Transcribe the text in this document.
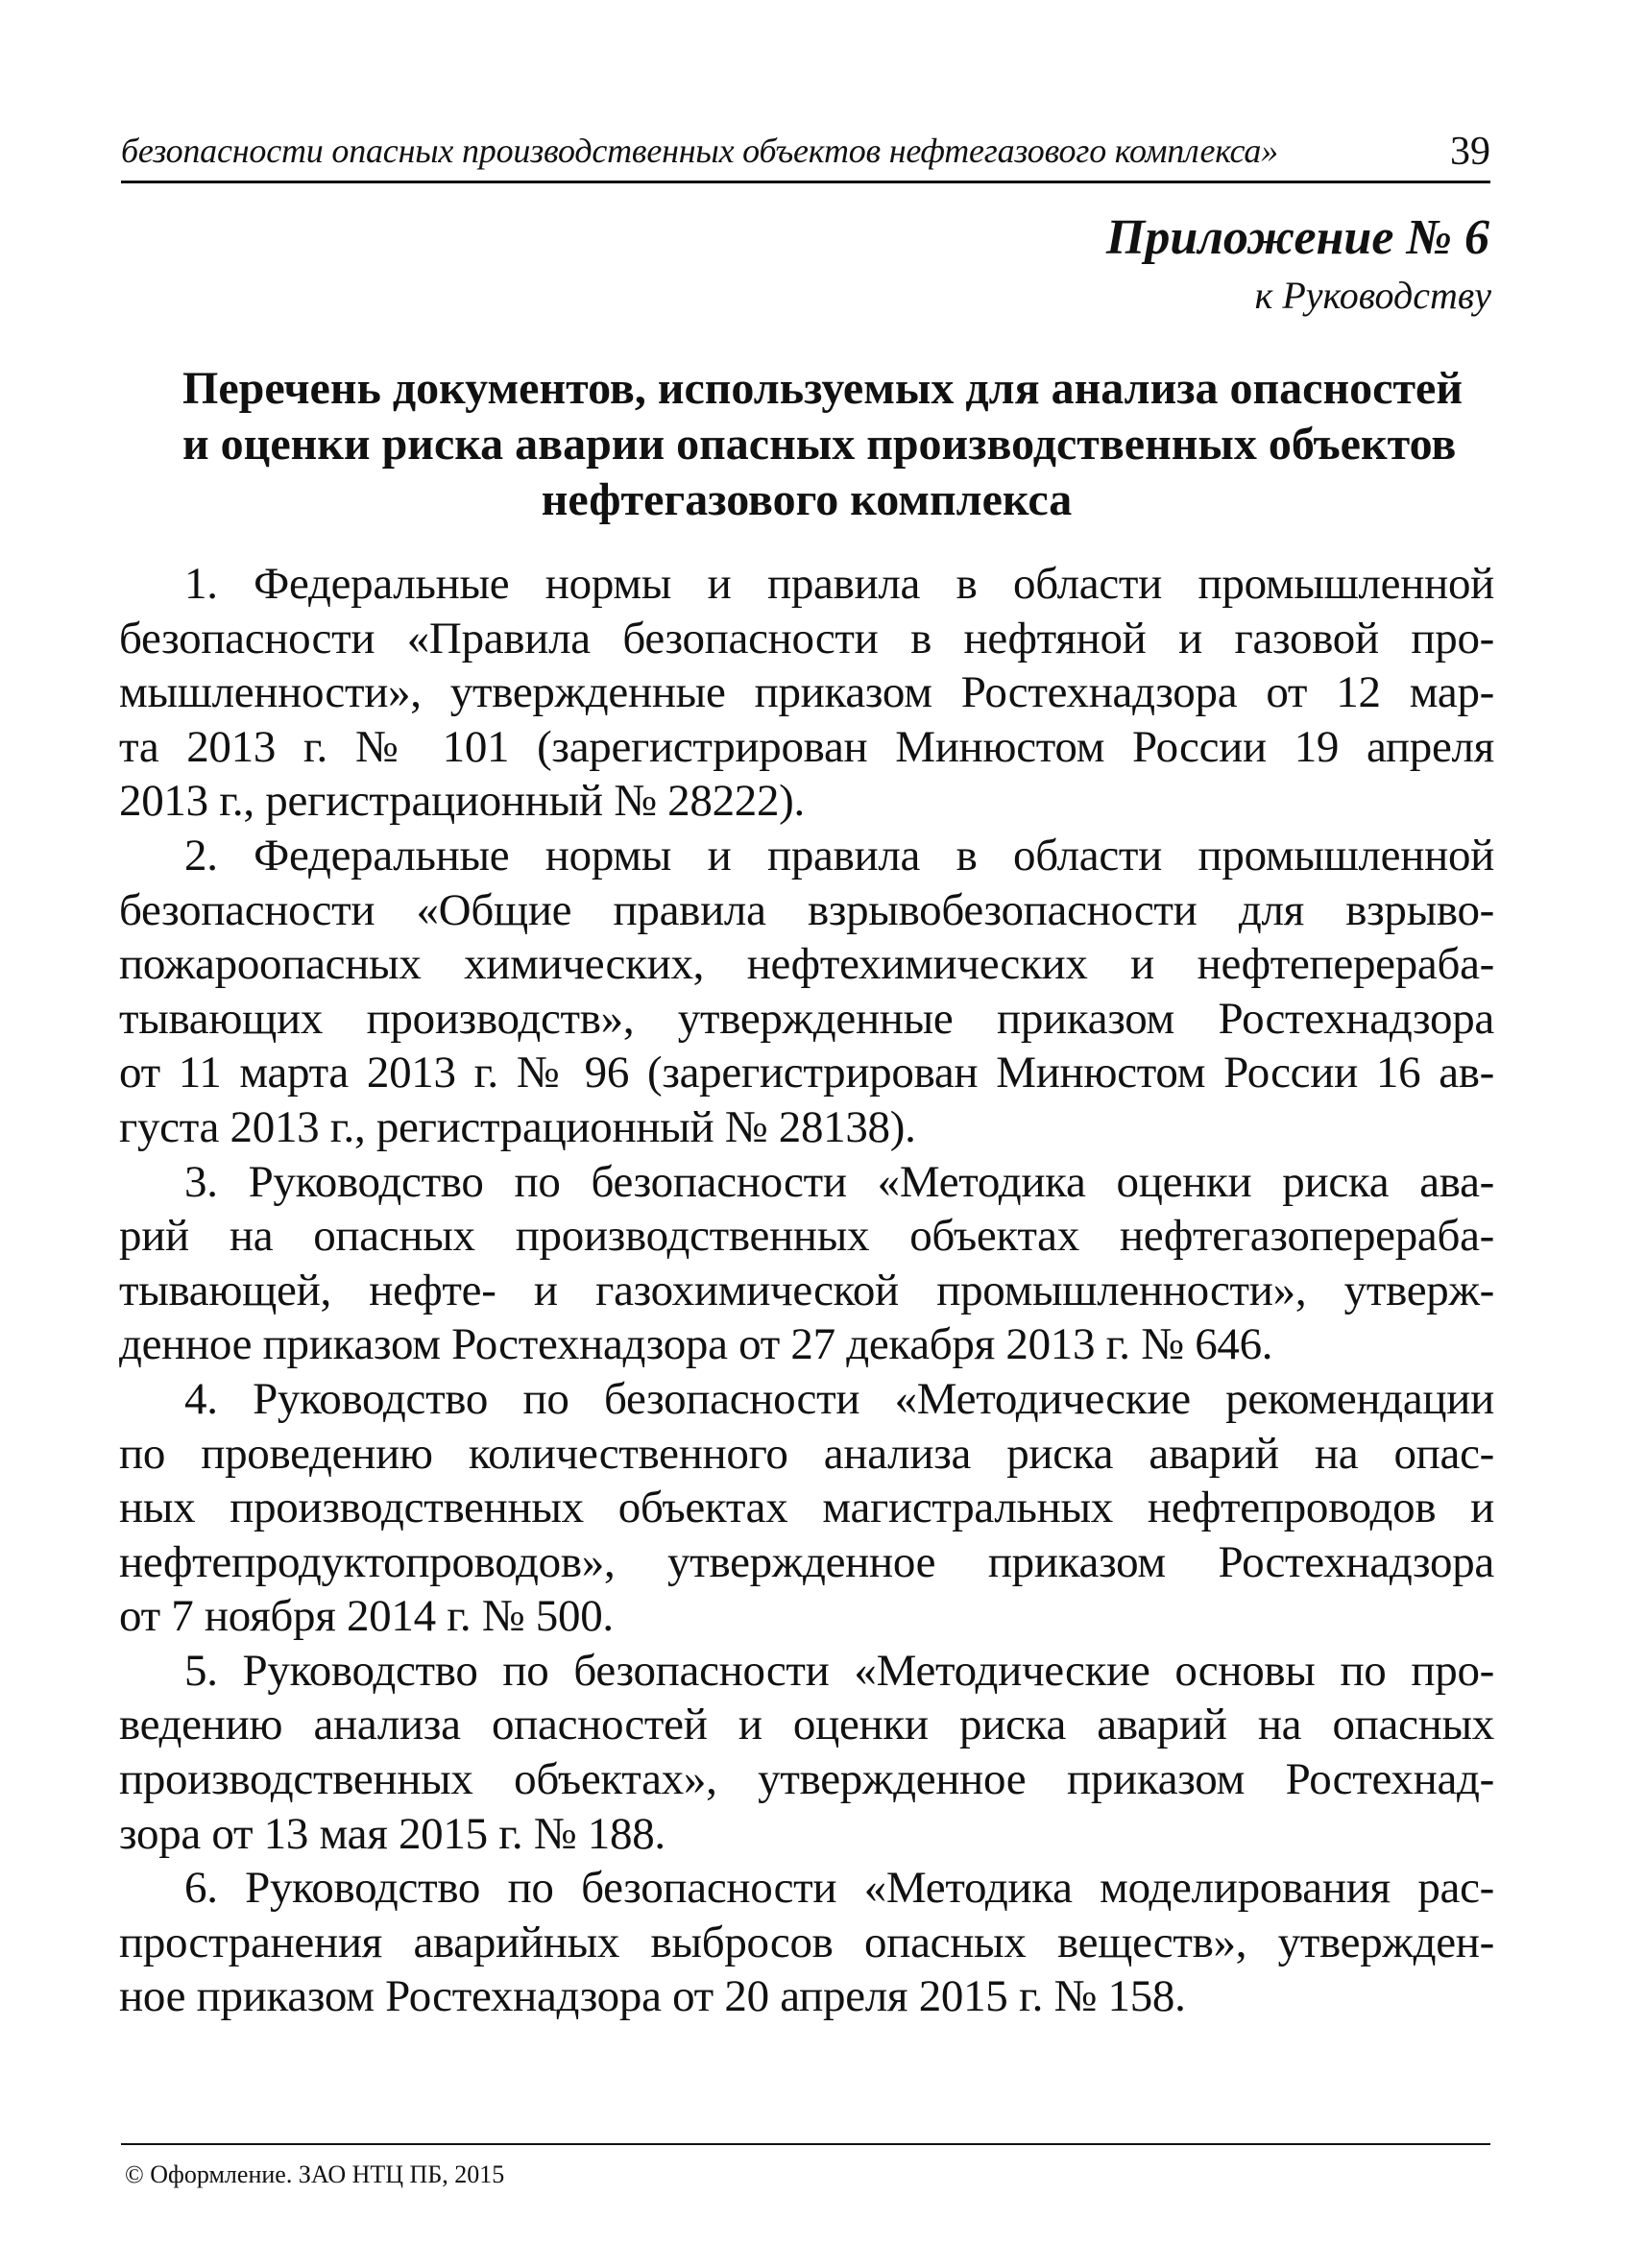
безопасности опасных производственных объектов нефтегазового комплекса»	39
Приложение № 6
к Руководству
Перечень документов, используемых для анализа опасностей
и оценки риска аварии опасных производственных объектов
нефтегазового комплекса

1. Федеральные нормы и правила в области промышленной
безопасности «Правила безопасности в нефтяной и газовой про-
мышленности», утвержденные приказом Ростехнадзора от 12 мар-
та 2013 г. № 101 (зарегистрирован Минюстом России 19 апреля
2013 г., регистрационный № 28222).

2. Федеральные нормы и правила в области промышленной
безопасности «Общие правила взрывобезопасности для взрыво-
пожароопасных химических, нефтехимических и нефтеперераба-
тывающих производств», утвержденные приказом Ростехнадзора
от 11 марта 2013 г. № 96 (зарегистрирован Минюстом России 16 ав-
густа 2013 г., регистрационный № 28138).

3. Руководство по безопасности «Методика оценки риска ава-
рий на опасных производственных объектах нефтегазоперераба-
тывающей, нефте- и газохимической промышленности», утверж-
денное приказом Ростехнадзора от 27 декабря 2013 г. № 646.

4. Руководство по безопасности «Методические рекомендации
по проведению количественного анализа риска аварий на опас-
ных производственных объектах магистральных нефтепроводов и
нефтепродуктопроводов», утвержденное приказом Ростехнадзора
от 7 ноября 2014 г. № 500.

5. Руководство по безопасности «Методические основы по про-
ведению анализа опасностей и оценки риска аварий на опасных
производственных объектах», утвержденное приказом Ростехнад-
зора от 13 мая 2015 г. № 188.

6. Руководство по безопасности «Методика моделирования рас-
пространения аварийных выбросов опасных веществ», утвержден-
ное приказом Ростехнадзора от 20 апреля 2015 г. № 158.

© Оформление. ЗАО НТЦ ПБ, 2015
